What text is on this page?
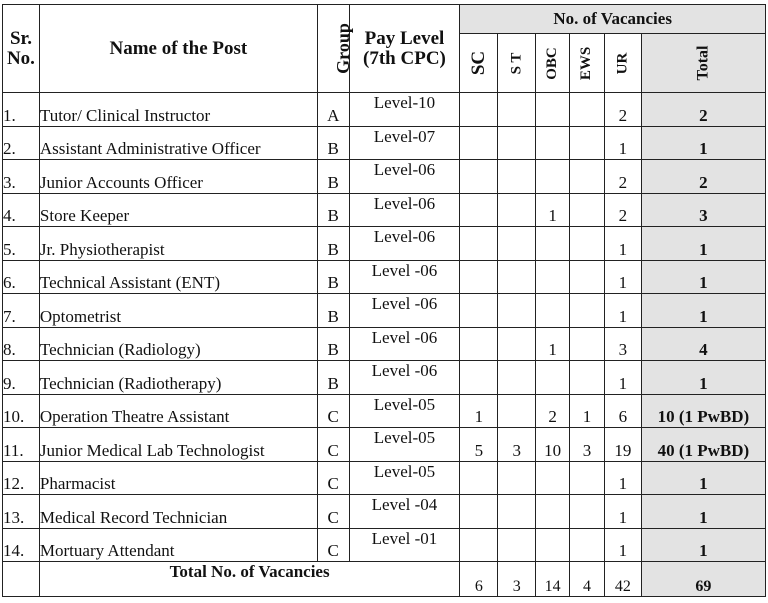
Sr.
No.	Name of the Post	Group	Pay Level
(7th CPC)	No. of Vacancies					
				SC	S T	OBC	EWS	UR	Total
1.	Tutor/ Clinical Instructor	A	Level-10					2	2
2.	Assistant Administrative Officer	B	Level-07					1	1
3.	Junior Accounts Officer	B	Level-06					2	2
4.	Store Keeper	B	Level-06			1		2	3
5.	Jr. Physiotherapist	B	Level-06					1	1
6.	Technical Assistant (ENT)	B	Level -06					1	1
7.	Optometrist	B	Level -06					1	1
8.	Technician (Radiology)	B	Level -06			1		3	4
9.	Technician (Radiotherapy)	B	Level -06					1	1
10.	Operation Theatre Assistant	C	Level-05	1		2	1	6	10 (1 PwBD)
11.	Junior Medical Lab Technologist	C	Level-05	5	3	10	3	19	40 (1 PwBD)
12.	Pharmacist	C	Level-05					1	1
13.	Medical Record Technician	C	Level -04					1	1
14.	Mortuary Attendant	C	Level -01					1	1
	Total No. of Vacancies			6	3	14	4	42	69
